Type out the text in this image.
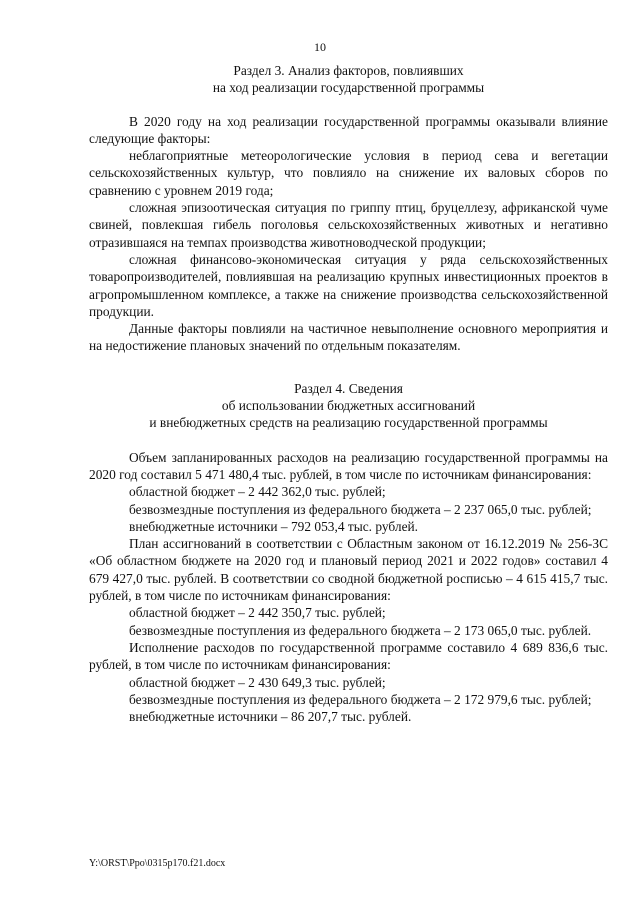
10
Раздел 3. Анализ факторов, повлиявших
на ход реализации государственной программы

В 2020 году на ход реализации государственной программы оказывали влияние следующие факторы:

неблагоприятные метеорологические условия в период сева и вегетации сельскохозяйственных культур, что повлияло на снижение их валовых сборов по сравнению с уровнем 2019 года;

сложная эпизоотическая ситуация по гриппу птиц, бруцеллезу, африканской чуме свиней, повлекшая гибель поголовья сельскохозяйственных животных и негативно отразившаяся на темпах производства животноводческой продукции;

сложная финансово-экономическая ситуация у ряда сельскохозяйственных товаропроизводителей, повлиявшая на реализацию крупных инвестиционных проектов в агропромышленном комплексе, а также на снижение производства сельскохозяйственной продукции.

Данные факторы повлияли на частичное невыполнение основного мероприятия и на недостижение плановых значений по отдельным показателям.

Раздел 4. Сведения
об использовании бюджетных ассигнований
и внебюджетных средств на реализацию государственной программы

Объем запланированных расходов на реализацию государственной программы на 2020 год составил 5 471 480,4 тыс. рублей, в том числе по источникам финансирования:

областной бюджет – 2 442 362,0 тыс. рублей;

безвозмездные поступления из федерального бюджета – 2 237 065,0 тыс. рублей;

внебюджетные источники – 792 053,4 тыс. рублей.

План ассигнований в соответствии с Областным законом от 16.12.2019 № 256-ЗС «Об областном бюджете на 2020 год и плановый период 2021 и 2022 годов» составил 4 679 427,0 тыс. рублей. В соответствии со сводной бюджетной росписью – 4 615 415,7 тыс. рублей, в том числе по источникам финансирования:

областной бюджет – 2 442 350,7 тыс. рублей;

безвозмездные поступления из федерального бюджета – 2 173 065,0 тыс. рублей.

Исполнение расходов по государственной программе составило 4 689 836,6 тыс. рублей, в том числе по источникам финансирования:

областной бюджет – 2 430 649,3 тыс. рублей;

безвозмездные поступления из федерального бюджета – 2 172 979,6 тыс. рублей;

внебюджетные источники – 86 207,7 тыс. рублей.

Y:\ORST\Ppo\0315p170.f21.docx
